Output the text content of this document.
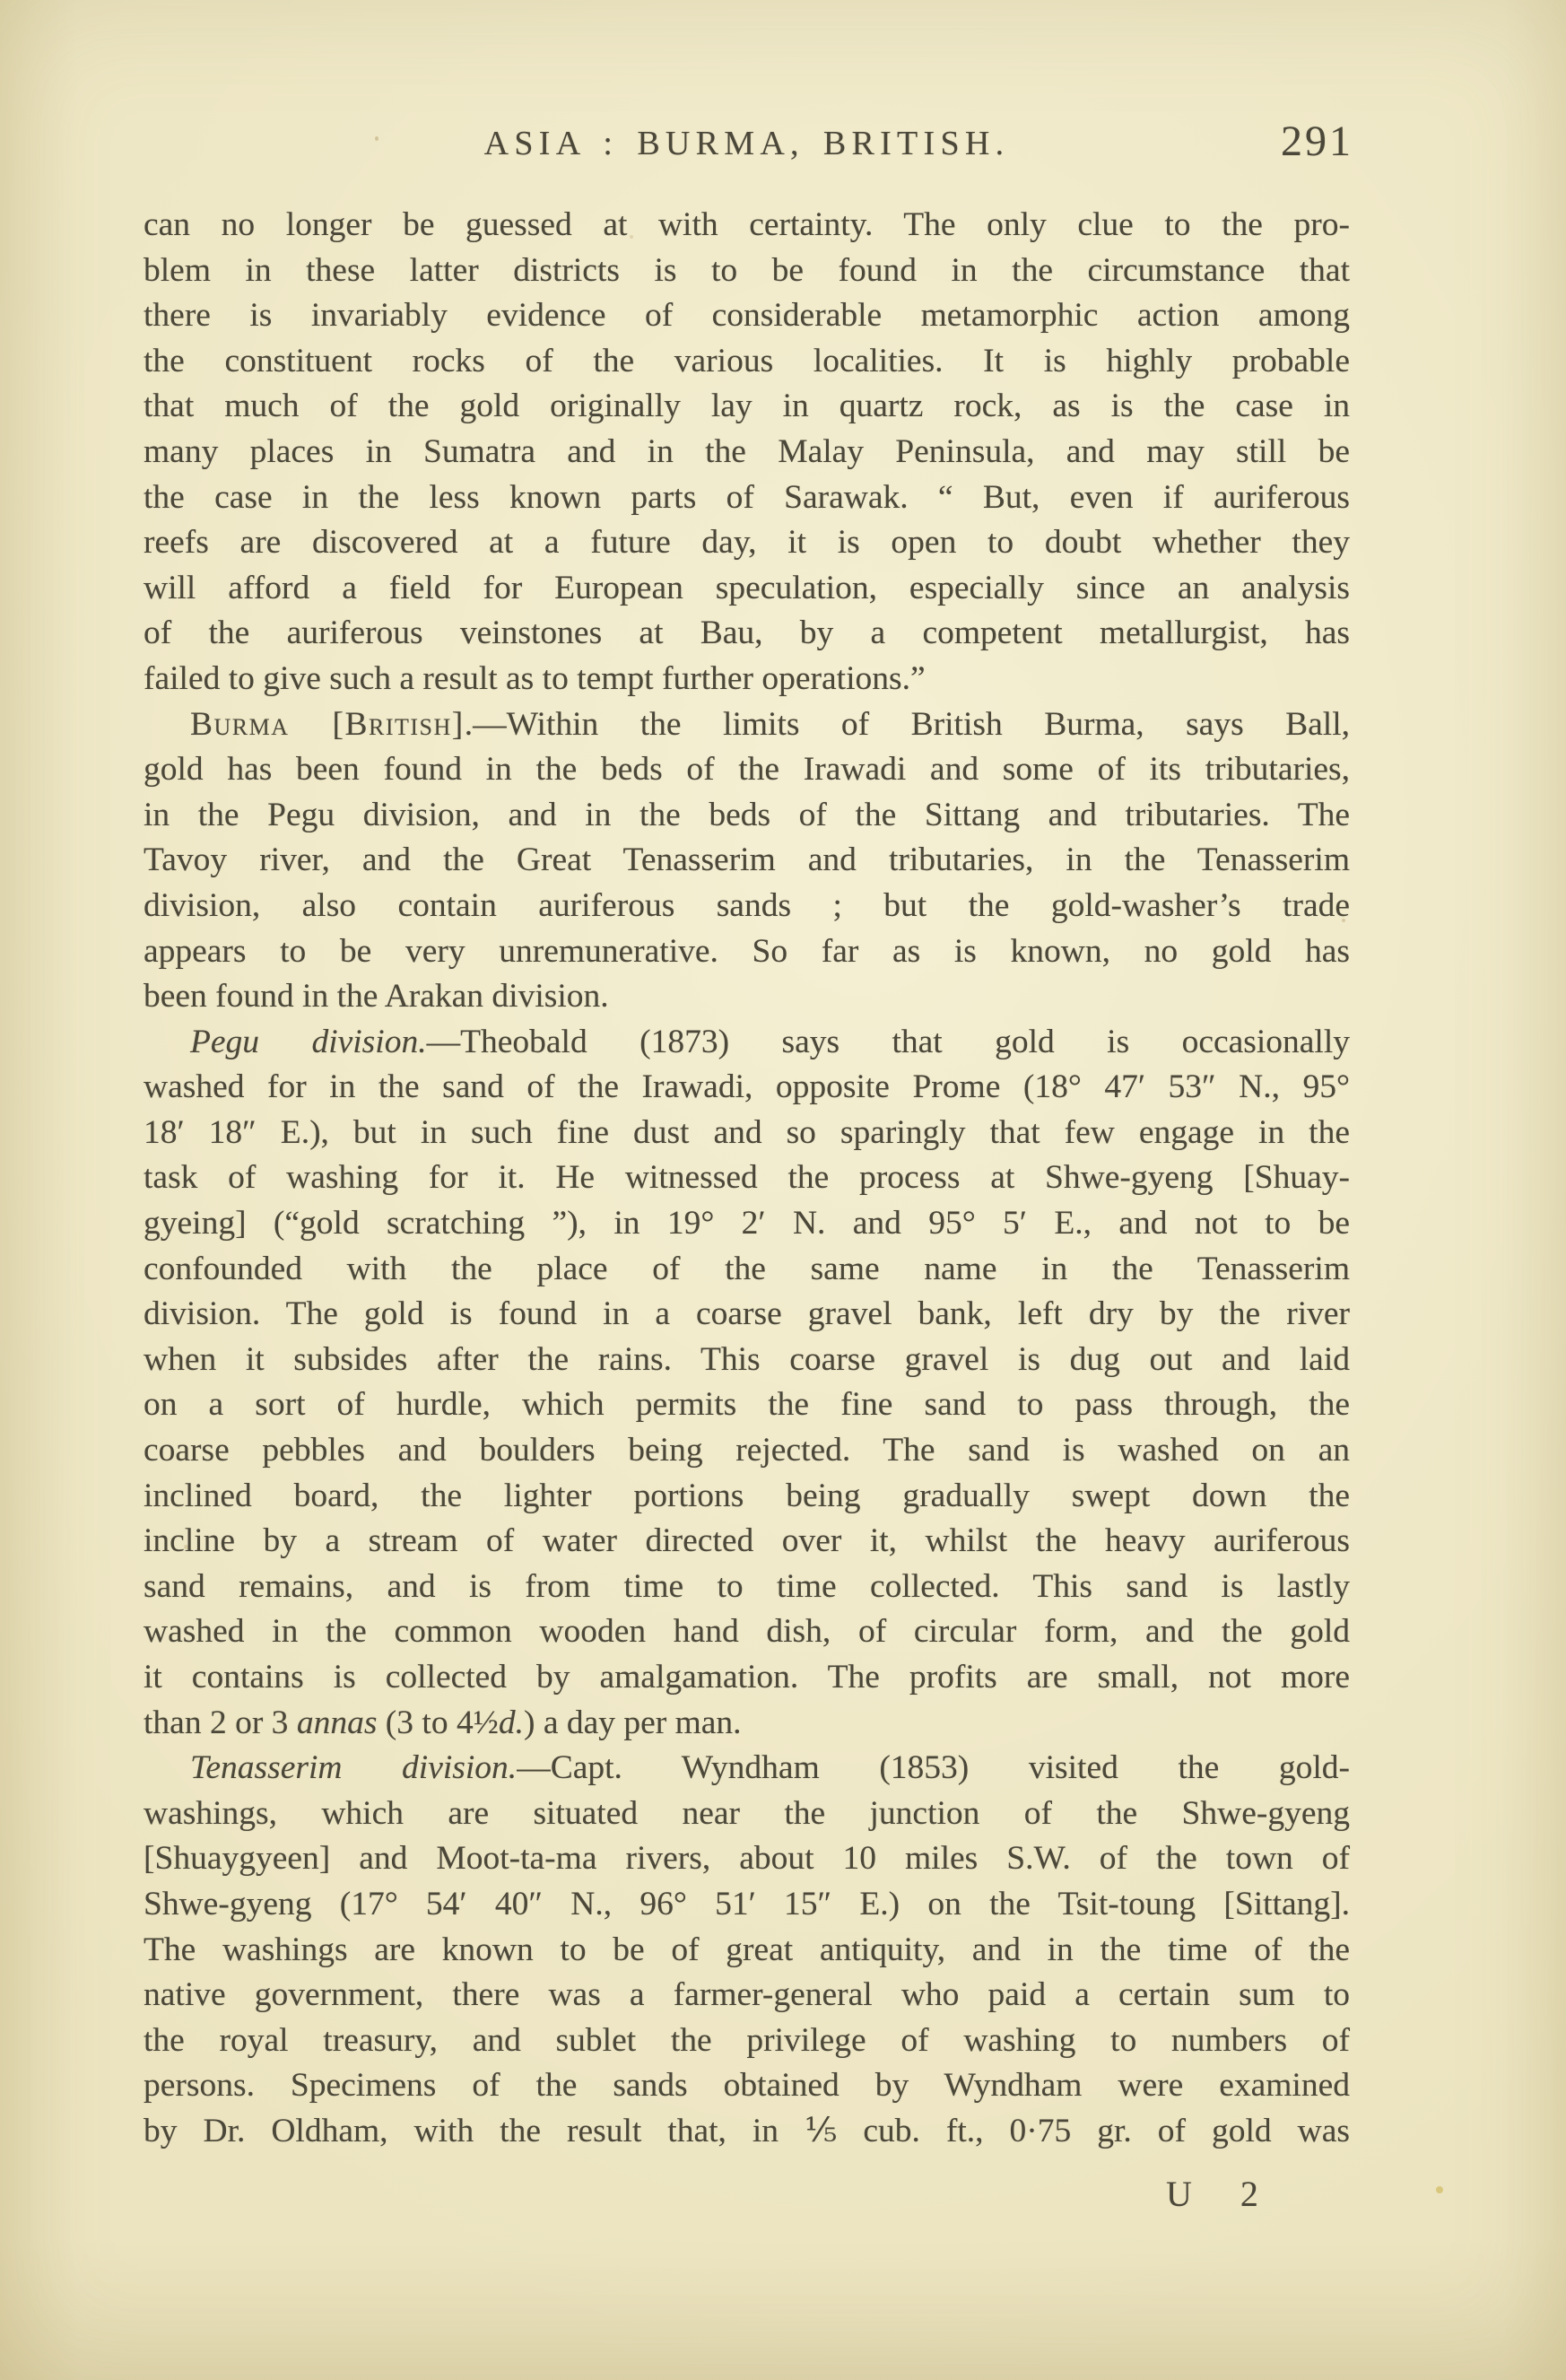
ASIA : BURMA, BRITISH.	291
can no longer be guessed at with certainty. The only clue to the pro-
blem in these latter districts is to be found in the circumstance that
there is invariably evidence of considerable metamorphic action among
the constituent rocks of the various localities. It is highly probable
that much of the gold originally lay in quartz rock, as is the case in
many places in Sumatra and in the Malay Peninsula, and may still be
the case in the less known parts of Sarawak. “ But, even if auriferous
reefs are discovered at a future day, it is open to doubt whether they
will afford a field for European speculation, especially since an analysis
of the auriferous veinstones at Bau, by a competent metallurgist, has
failed to give such a result as to tempt further operations.”
Burma [British].—Within the limits of British Burma, says Ball,
gold has been found in the beds of the Irawadi and some of its tributaries,
in the Pegu division, and in the beds of the Sittang and tributaries. The
Tavoy river, and the Great Tenasserim and tributaries, in the Tenasserim
division, also contain auriferous sands ; but the gold-washer’s trade
appears to be very unremunerative. So far as is known, no gold has
been found in the Arakan division.
Pegu division.—Theobald (1873) says that gold is occasionally
washed for in the sand of the Irawadi, opposite Prome (18° 47′ 53″ N., 95°
18′ 18″ E.), but in such fine dust and so sparingly that few engage in the
task of washing for it. He witnessed the process at Shwe-gyeng [Shuay-
gyeing] (“gold scratching ”), in 19° 2′ N. and 95° 5′ E., and not to be
confounded with the place of the same name in the Tenasserim
division. The gold is found in a coarse gravel bank, left dry by the river
when it subsides after the rains. This coarse gravel is dug out and laid
on a sort of hurdle, which permits the fine sand to pass through, the
coarse pebbles and boulders being rejected. The sand is washed on an
inclined board, the lighter portions being gradually swept down the
incline by a stream of water directed over it, whilst the heavy auriferous
sand remains, and is from time to time collected. This sand is lastly
washed in the common wooden hand dish, of circular form, and the gold
it contains is collected by amalgamation. The profits are small, not more
than 2 or 3 annas (3 to 4½d.) a day per man.
Tenasserim division.—Capt. Wyndham (1853) visited the gold-
washings, which are situated near the junction of the Shwe-gyeng
[Shuaygyeen] and Moot-ta-ma rivers, about 10 miles S.W. of the town of
Shwe-gyeng (17° 54′ 40″ N., 96° 51′ 15″ E.) on the Tsit-toung [Sittang].
The washings are known to be of great antiquity, and in the time of the
native government, there was a farmer-general who paid a certain sum to
the royal treasury, and sublet the privilege of washing to numbers of
persons. Specimens of the sands obtained by Wyndham were examined
by Dr. Oldham, with the result that, in ⅕ cub. ft., 0·75 gr. of gold was
U 2
